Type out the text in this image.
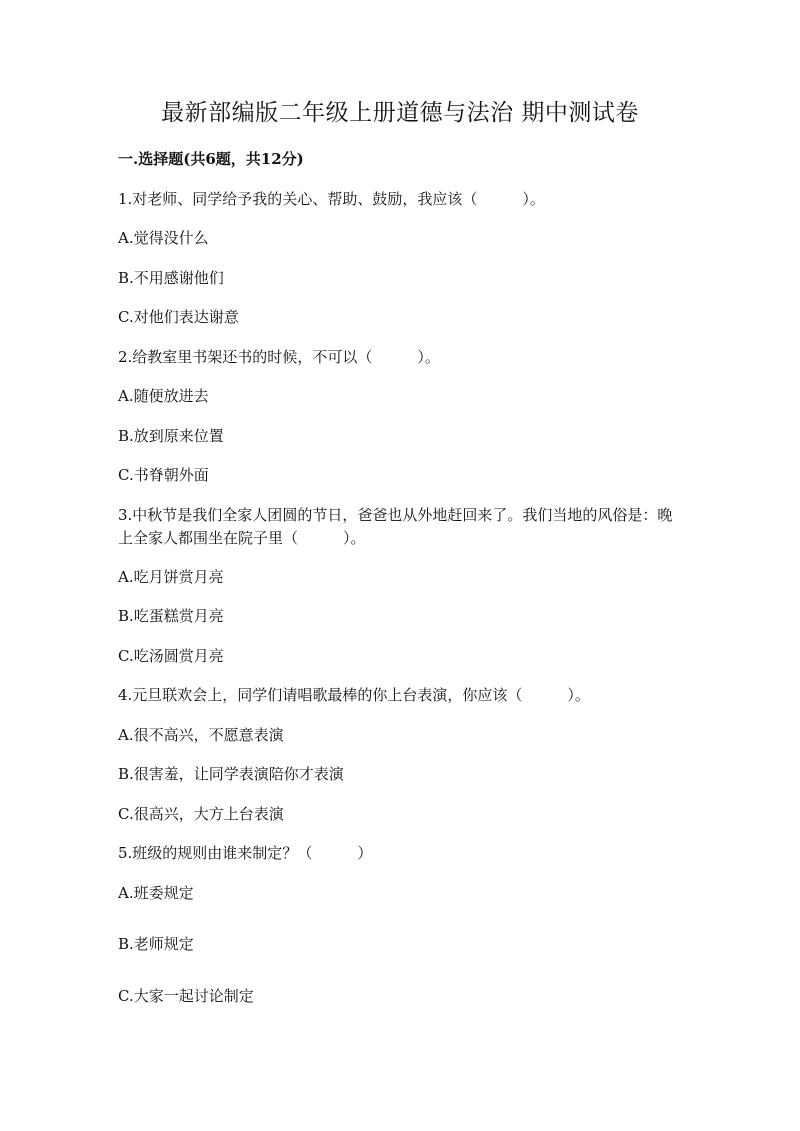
最新部编版二年级上册道德与法治 期中测试卷
一.选择题(共6题，共12分)
1.对老师、同学给予我的关心、帮助、鼓励，我应该（　　　）。
A.觉得没什么
B.不用感谢他们
C.对他们表达谢意
2.给教室里书架还书的时候，不可以（　　　）。
A.随便放进去
B.放到原来位置
C.书脊朝外面
3.中秋节是我们全家人团圆的节日，爸爸也从外地赶回来了。我们当地的风俗是：晚上全家人都围坐在院子里（　　　）。
A.吃月饼赏月亮
B.吃蛋糕赏月亮
C.吃汤圆赏月亮
4.元旦联欢会上，同学们请唱歌最棒的你上台表演，你应该（　　　）。
A.很不高兴，不愿意表演
B.很害羞，让同学表演陪你才表演
C.很高兴，大方上台表演
5.班级的规则由谁来制定？（　　　）
A.班委规定
B.老师规定
C.大家一起讨论制定
